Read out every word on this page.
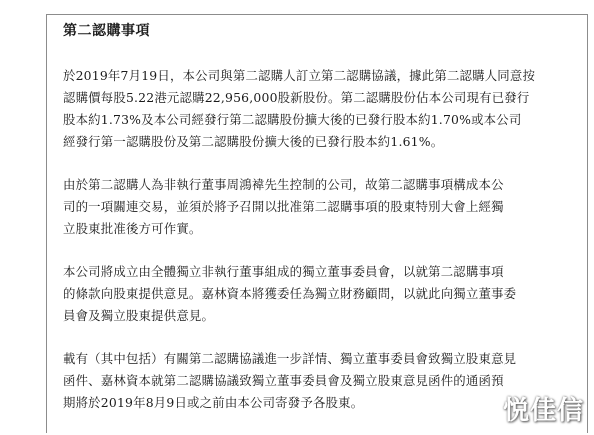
第二認購事項

於2019年7月19日，本公司與第二認購人訂立第二認購協議，據此第二認購人同意按

認購價每股5.22港元認購22,956,000股新股份。第二認購股份佔本公司現有已發行

股本約1.73%及本公司經發行第二認購股份擴大後的已發行股本約1.70%或本公司

經發行第一認購股份及第二認購股份擴大後的已發行股本約1.61%。

由於第二認購人為非執行董事周鴻褘先生控制的公司，故第二認購事項構成本公

司的一項關連交易，並須於將予召開以批准第二認購事項的股東特別大會上經獨

立股東批准後方可作實。

本公司將成立由全體獨立非執行董事組成的獨立董事委員會，以就第二認購事項

的條款向股東提供意見。嘉林資本將獲委任為獨立財務顧問，以就此向獨立董事委

員會及獨立股東提供意見。

載有（其中包括）有關第二認購協議進一步詳情、獨立董事委員會致獨立股東意見

函件、嘉林資本就第二認購協議致獨立董事委員會及獨立股東意見函件的通函預

期將於2019年8月9日或之前由本公司寄發予各股東。	悦佳信
